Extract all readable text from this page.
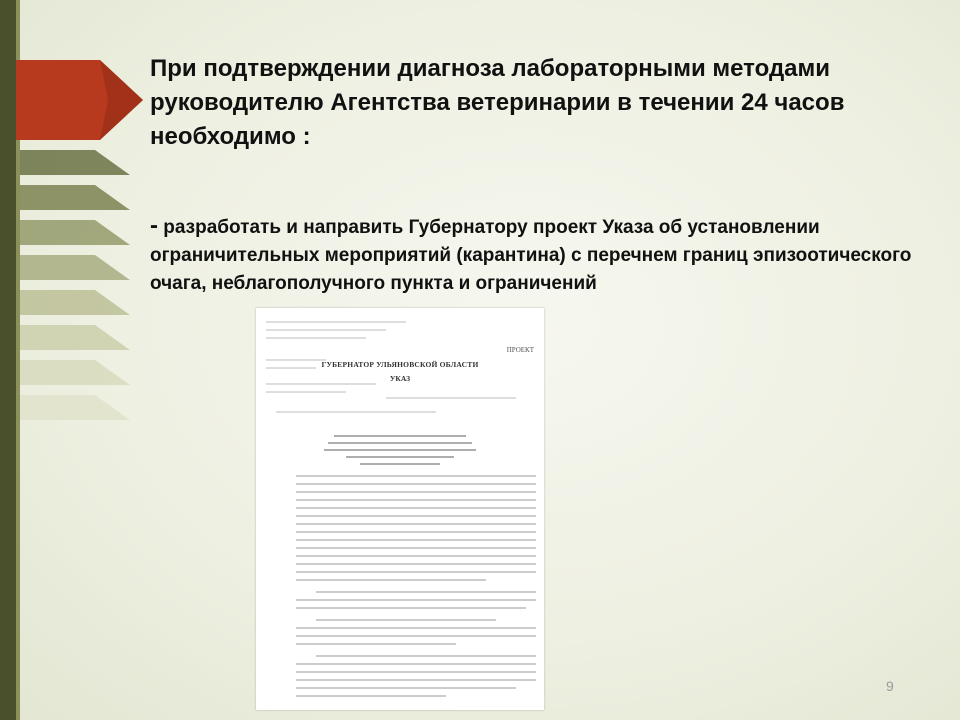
При подтверждении диагноза лабораторными методами руководителю Агентства ветеринарии в течении 24 часов необходимо :

- разработать и направить Губернатору проект Указа об установлении ограничительных мероприятий (карантина) с перечнем границ эпизоотического очага, неблагополучного пункта и ограничений

ПРОЕКТ
ГУБЕРНАТОР УЛЬЯНОВСКОЙ ОБЛАСТИ
УКАЗ
9
